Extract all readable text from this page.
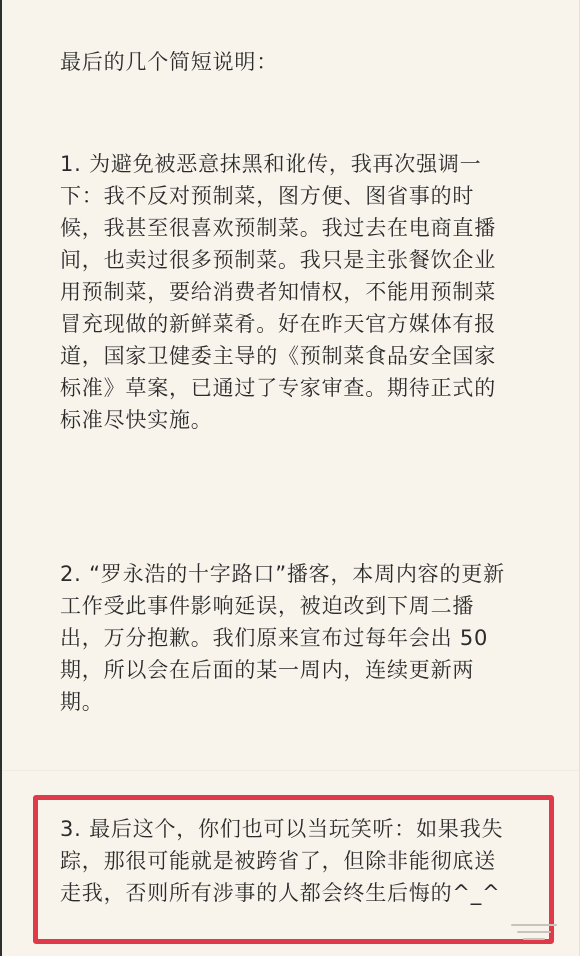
最后的几个简短说明：

1. 为避免被恶意抹黑和讹传，我再次强调一
下：我不反对预制菜，图方便、图省事的时
候，我甚至很喜欢预制菜。我过去在电商直播
间，也卖过很多预制菜。我只是主张餐饮企业
用预制菜，要给消费者知情权，不能用预制菜
冒充现做的新鲜菜肴。好在昨天官方媒体有报
道，国家卫健委主导的《预制菜食品安全国家
标准》草案，已通过了专家审查。期待正式的
标准尽快实施。

2. “罗永浩的十字路口”播客，本周内容的更新
工作受此事件影响延误，被迫改到下周二播
出，万分抱歉。我们原来宣布过每年会出 50
期，所以会在后面的某一周内，连续更新两
期。

3. 最后这个，你们也可以当玩笑听：如果我失
踪，那很可能就是被跨省了，但除非能彻底送
走我，否则所有涉事的人都会终生后悔的^_^
